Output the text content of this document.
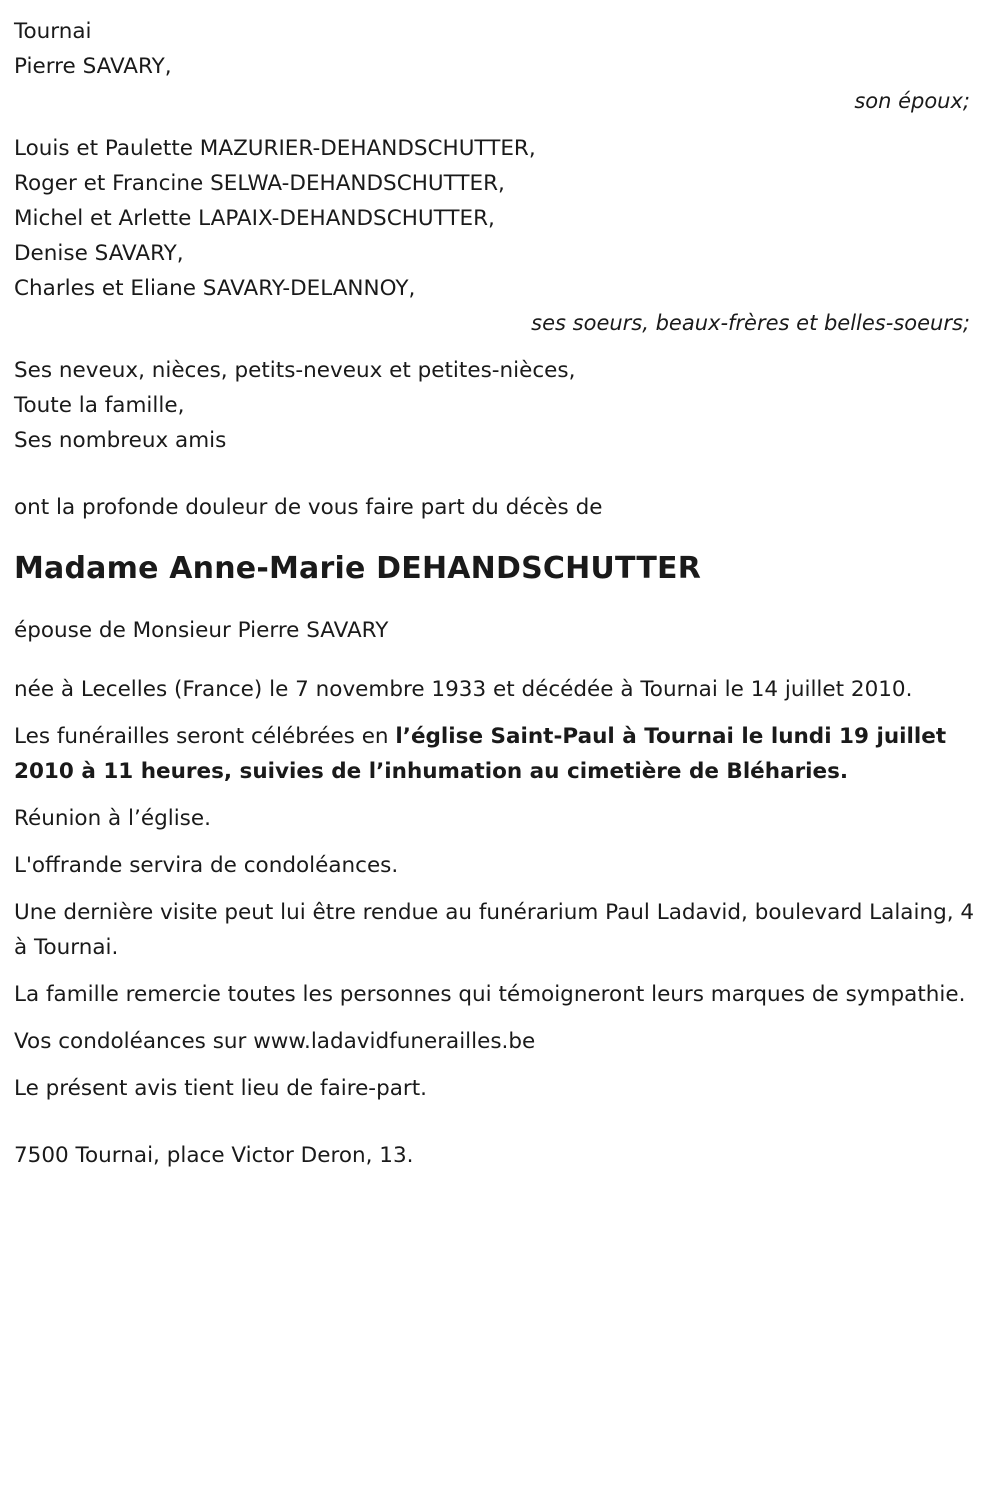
Tournai
Pierre SAVARY,
son époux;
Louis et Paulette MAZURIER-DEHANDSCHUTTER,
Roger et Francine SELWA-DEHANDSCHUTTER,
Michel et Arlette LAPAIX-DEHANDSCHUTTER,
Denise SAVARY,
Charles et Eliane SAVARY-DELANNOY,
ses soeurs, beaux-frères et belles-soeurs;
Ses neveux, nièces, petits-neveux et petites-nièces,
Toute la famille,
Ses nombreux amis
ont la profonde douleur de vous faire part du décès de
Madame Anne-Marie DEHANDSCHUTTER
épouse de Monsieur Pierre SAVARY

née à Lecelles (France) le 7 novembre 1933 et décédée à Tournai le 14 juillet 2010.

Les funérailles seront célébrées en l’église Saint-Paul à Tournai le lundi 19 juillet 2010 à 11 heures, suivies de l’inhumation au cimetière de Bléharies.

Réunion à l’église.

L'offrande servira de condoléances.

Une dernière visite peut lui être rendue au funérarium Paul Ladavid, boulevard Lalaing, 4 à Tournai.

La famille remercie toutes les personnes qui témoigneront leurs marques de sympathie.

Vos condoléances sur www.ladavidfunerailles.be

Le présent avis tient lieu de faire-part.

7500 Tournai, place Victor Deron, 13.
